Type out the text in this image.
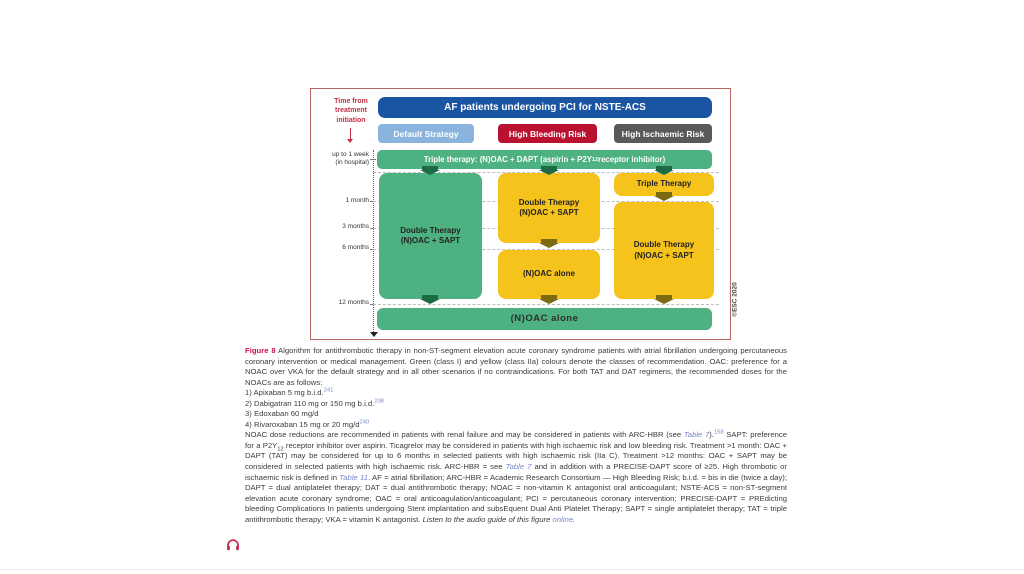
Time from
treatment
initiation
up to 1 week
(in hospital)
1 month
3 months
6 months
12 months
AF patients undergoing PCI for NSTE-ACS
Default Strategy	High Bleeding Risk	High Ischaemic Risk
Triple therapy: (N)OAC + DAPT (aspirin + P2Y 12 receptor inhibitor)
Double Therapy
(N)OAC + SAPT
Double Therapy
(N)OAC + SAPT
(N)OAC alone
Triple Therapy
Double Therapy
(N)OAC + SAPT
(N)OAC alone
©ESC 2020

Figure 8 Algorithm for antithrombotic therapy in non-ST-segment elevation acute coronary syndrome patients with atrial fibrillation undergoing percutaneous coronary intervention or medical management. Green (class I) and yellow (class IIa) colours denote the classes of recommendation. OAC: preference for a NOAC over VKA for the default strategy and in all other scenarios if no contraindications. For both TAT and DAT regimens, the recommended doses for the NOACs are as follows:

1) Apixaban 5 mg b.i.d.$^{241}$
2) Dabigatran 110 mg or 150 mg b.i.d.$^{238}$
3) Edoxaban 60 mg/d
4) Rivaroxaban 15 mg or 20 $mg/d^{240}$

NOAC dose reductions are recommended in patients with renal failure and may be considered in patients with ARC-HBR (see Table 7).$^{158}$ SAPT: preference for a $P2Y_{12}$ receptor inhibitor over aspirin. Ticagrelor may be considered in patients with high ischaemic risk and low bleeding risk. Treatment >1 month: OAC + DAPT (TAT) may be considered for up to 6 months in selected patients with high ischaemic risk (IIa C). Treatment >12 months: OAC + SAPT may be considered in selected patients with high ischaemic risk. ARC-HBR = see Table 7 and in addition with a PRECISE-DAPT score of ≥25. High thrombotic or ischaemic risk is defined in Table 11. AF = atrial fibrillation; ARC-HBR = Academic Research Consortium — High Bleeding Risk; b.i.d. = bis in die (twice a day); DAPT = dual antiplatelet therapy; DAT = dual antithrombotic therapy; NOAC = non-vitamin K antagonist oral anticoagulant; NSTE-ACS = non-ST-segment elevation acute coronary syndrome; OAC = oral anticoagulation/anticoagulant; PCI = percutaneous coronary intervention; PRECISE-DAPT = PREdicting bleeding Complications In patients undergoing Stent implantation and subsEquent Dual Anti Platelet Therapy; SAPT = single antiplatelet therapy; TAT = triple antithrombotic therapy; VKA = vitamin K antagonist. Listen to the audio guide of this figure online.
